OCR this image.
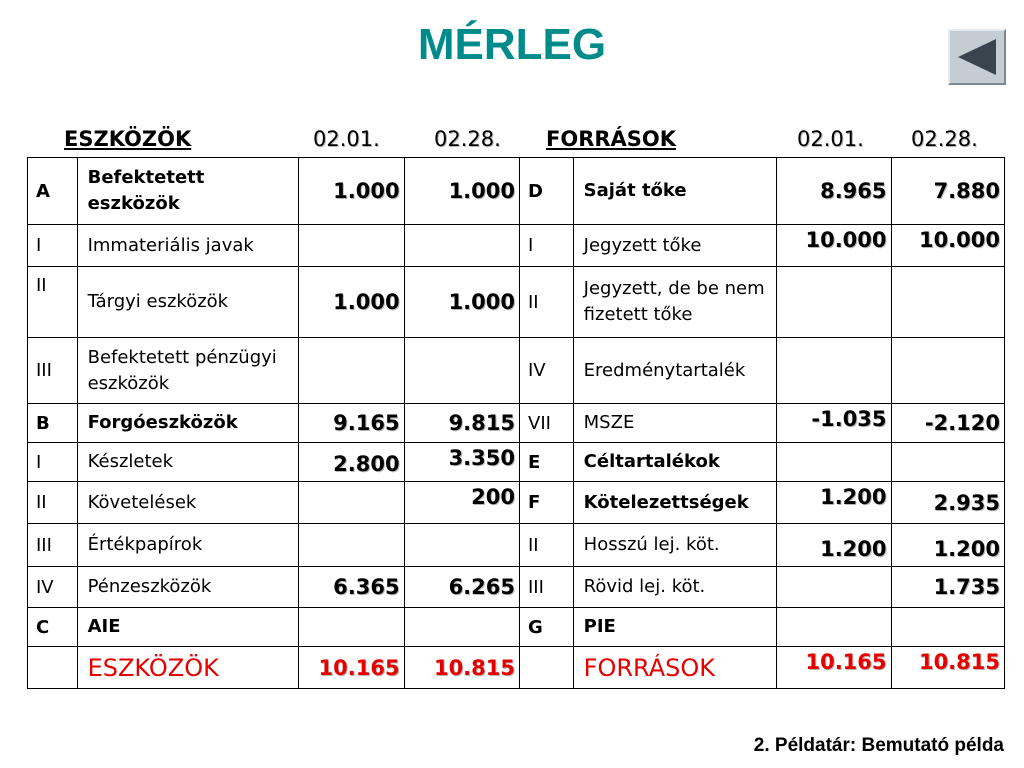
MÉRLEG
ESZKÖZÖK	02.01.	02.28. FORRÁSOK	02.01. 02.28.
A	Befektetett eszközök	1.000	1.000	D	Saját tőke	8.965	7.880
I	Immateriális javak			I	Jegyzett tőke	10.000	10.000
II	Tárgyi eszközök	1.000	1.000	II	Jegyzett, de be nem fizetett tőke		
III	Befektetett pénzügyi eszközök			IV	Eredménytartalék		
B	Forgóeszközök	9.165	9.815	VII	MSZE	-1.035	-2.120
I	Készletek	2.800	3.350	E	Céltartalékok		
II	Követelések		200	F	Kötelezettségek	1.200	2.935
III	Értékpapírok			II	Hosszú lej. köt.	1.200	1.200
IV	Pénzeszközök	6.365	6.265	III	Rövid lej. köt.		1.735
C	AIE			G	PIE		
	ESZKÖZÖK	10.165	10.815		FORRÁSOK	10.165	10.815
2. Példatár: Bemutató példa
